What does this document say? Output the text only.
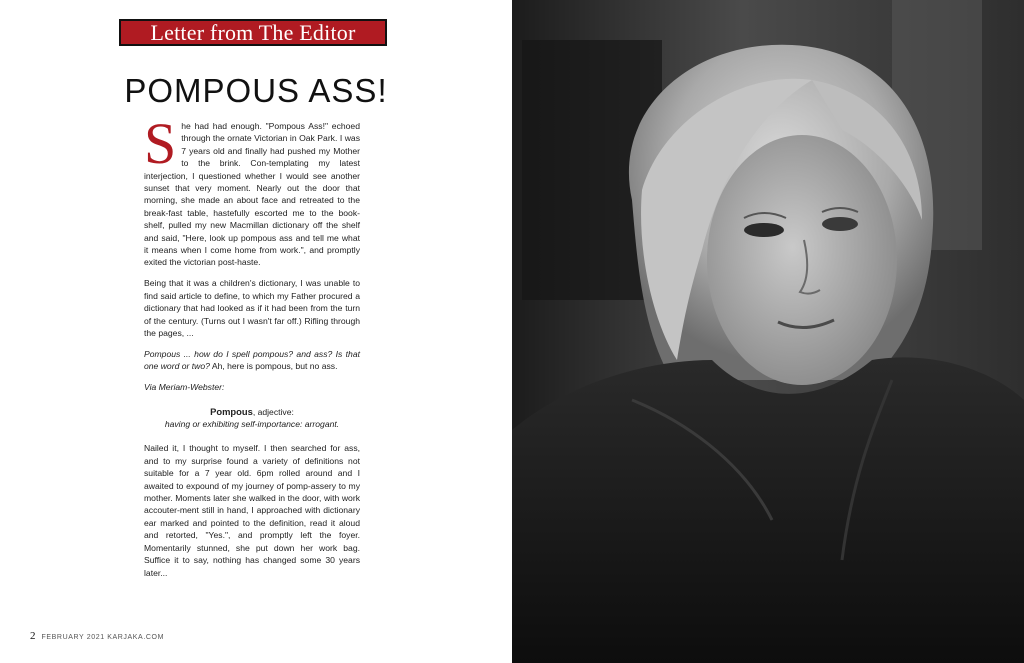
Letter from The Editor
POMPOUS ASS!

She had had enough. "Pompous Ass!" echoed through the ornate Victorian in Oak Park. I was 7 years old and finally had pushed my Mother to the brink. Con-templating my latest interjection, I questioned whether I would see another sunset that very moment. Nearly out the door that morning, she made an about face and retreated to the break-fast table, hastefully escorted me to the book-shelf, pulled my new Macmillan dictionary off the shelf and said, "Here, look up pompous ass and tell me what it means when I come home from work.", and promptly exited the victorian post-haste.

Being that it was a children's dictionary, I was unable to find said article to define, to which my Father procured a dictionary that had looked as if it had been from the turn of the century. (Turns out I wasn't far off.) Rifling through the pages, ...

Pompous ... how do I spell pompous? and ass? Is that one word or two? Ah, here is pompous, but no ass.

Via Meriam-Webster:

Pompous, adjective:
having or exhibiting self-importance: arrogant.

Nailed it, I thought to myself. I then searched for ass, and to my surprise found a variety of definitions not suitable for a 7 year old. 6pm rolled around and I awaited to expound of my journey of pomp-assery to my mother. Moments later she walked in the door, with work accouter-ment still in hand, I approached with dictionary ear marked and pointed to the definition, read it aloud and retorted, "Yes.", and promptly left the foyer. Momentarily stunned, she put down her work bag. Suffice it to say, nothing has changed some 30 years later...

2 FEBRUARY 2021 KARJAKA.COM
